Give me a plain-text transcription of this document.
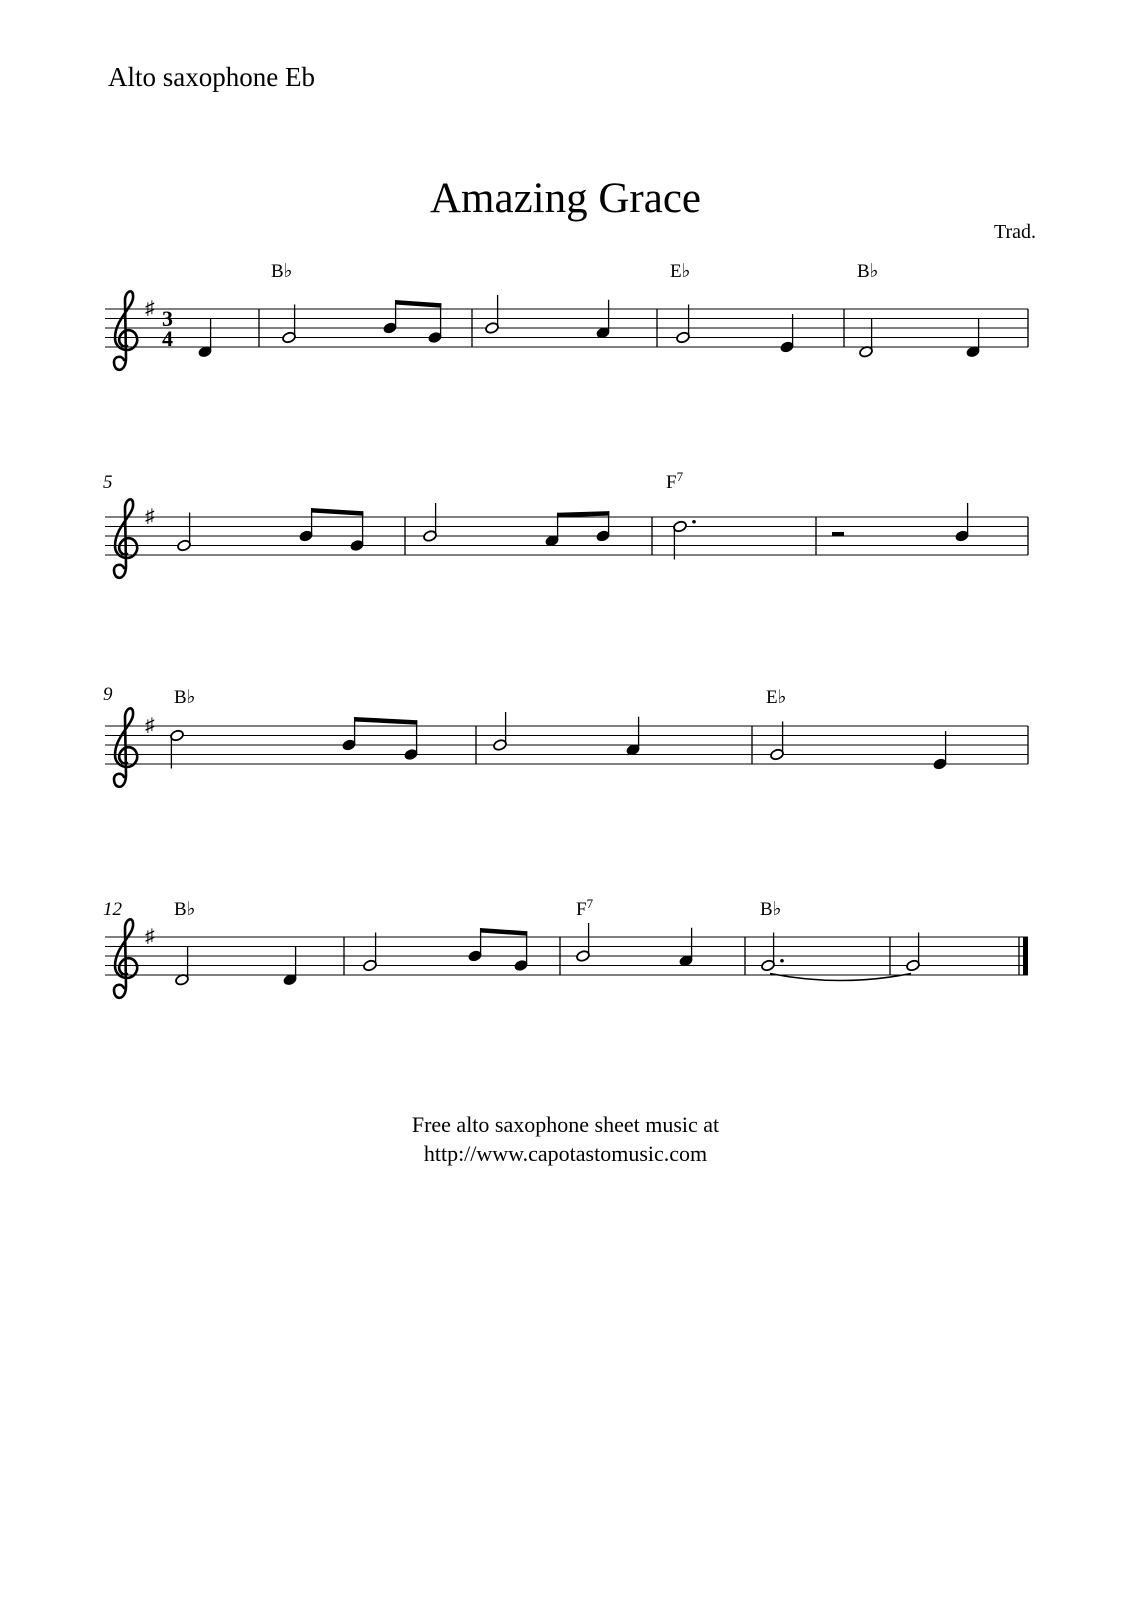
Alto saxophone Eb
Amazing Grace
Trad.
♯ 3
4
B♭	E♭	B♭
♯
5	$F^7$
♯
9	B♭	E♭
♯
12	B♭	$F^7$	B♭
Free alto saxophone sheet music at
http://www.capotastomusic.com
